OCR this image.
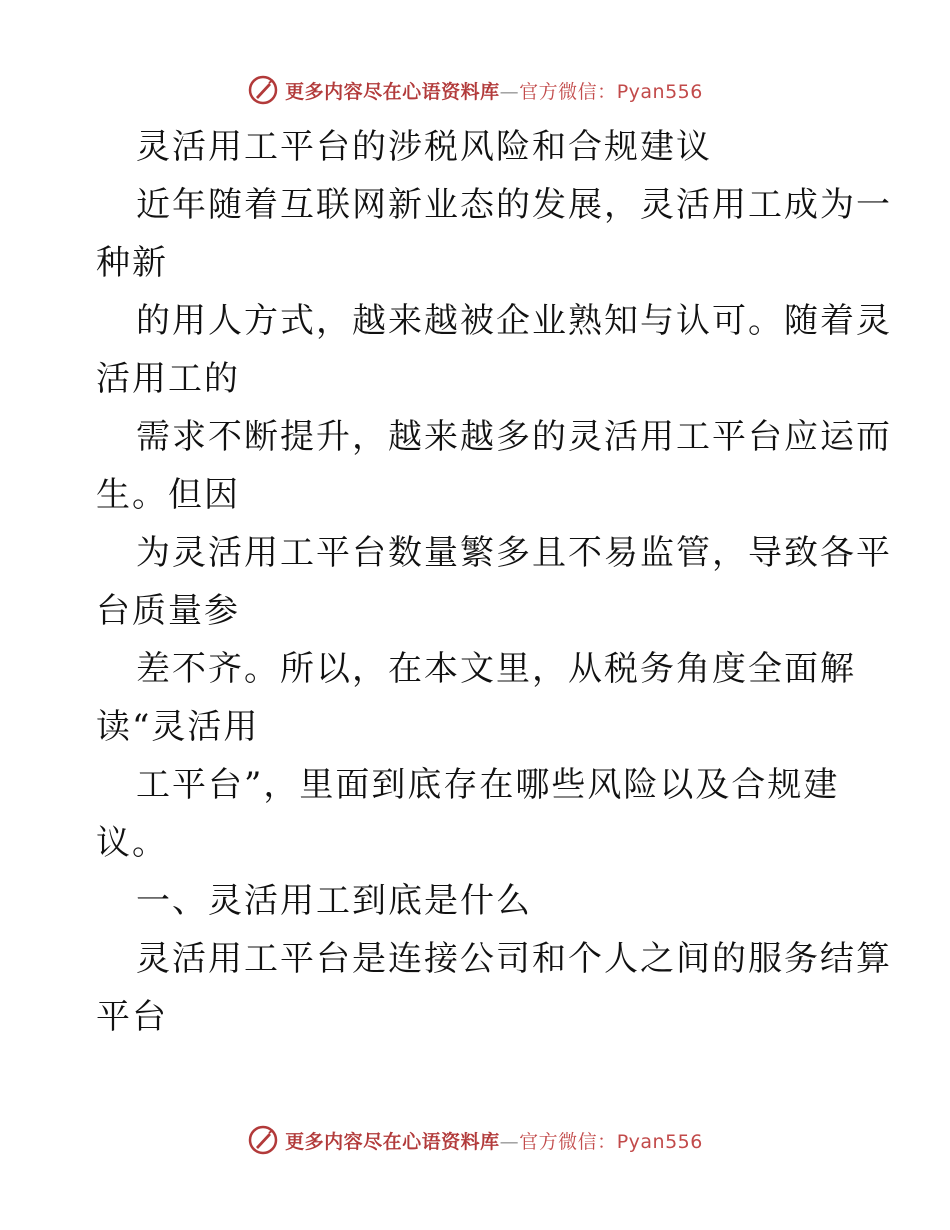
更多内容尽在心语资料库—官方微信：Pyan556
灵活用工平台的涉税风险和合规建议
近年随着互联网新业态的发展，灵活用工成为一
种新
的用人方式，越来越被企业熟知与认可。随着灵
活用工的
需求不断提升，越来越多的灵活用工平台应运而
生。但因
为灵活用工平台数量繁多且不易监管，导致各平
台质量参
差不齐。所以，在本文里，从税务角度全面解
读“灵活用
工平台”，里面到底存在哪些风险以及合规建
议。
一、灵活用工到底是什么
灵活用工平台是连接公司和个人之间的服务结算
平台
更多内容尽在心语资料库—官方微信：Pyan556
